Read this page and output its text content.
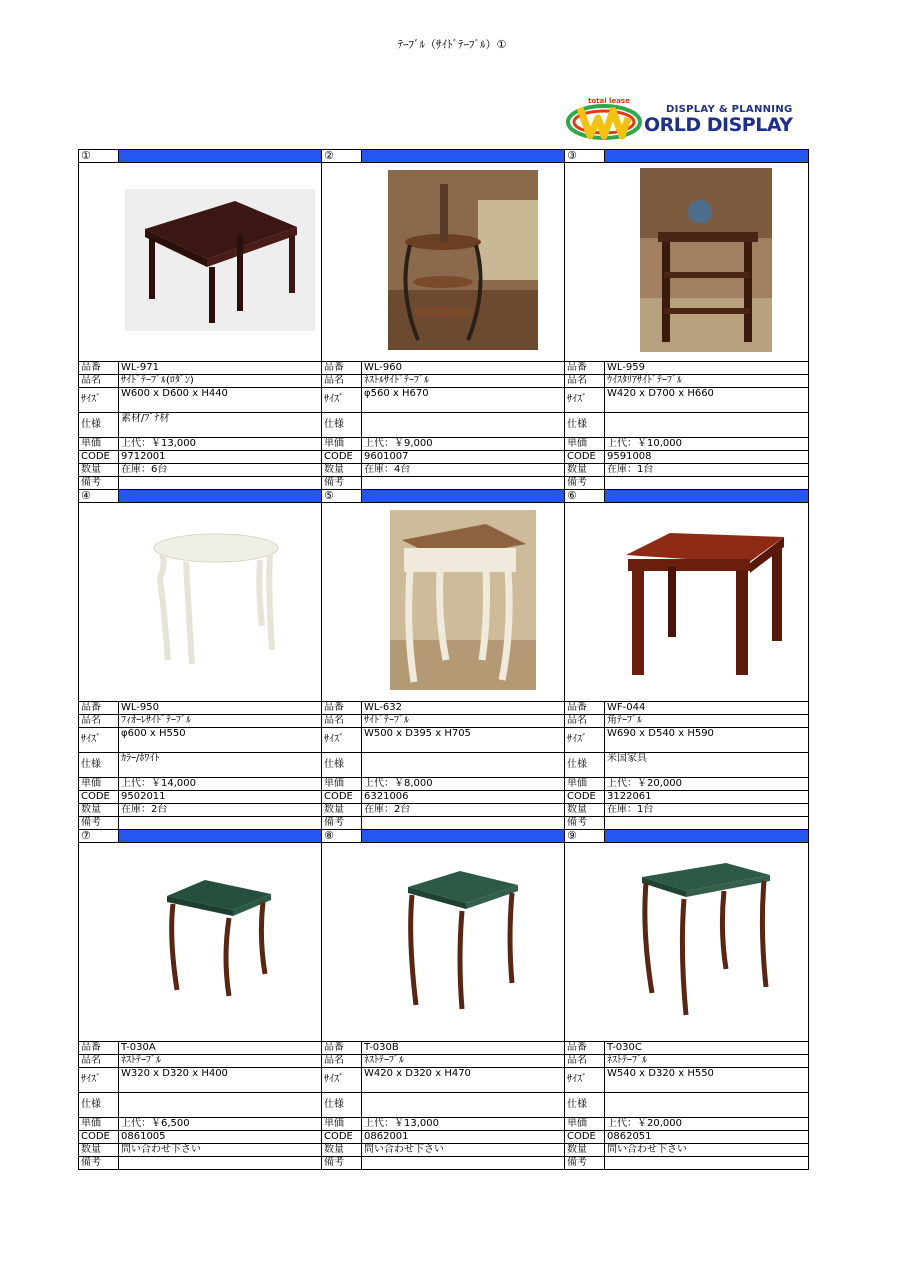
ﾃｰﾌﾞﾙ（ｻｲﾄﾞﾃｰﾌﾞﾙ）①
total lease
DISPLAY & PLANNING
ORLD DISPLAY
①		②		③	

品番	WL-971	品番	WL-960	品番	WL-959
品名	ｻｲﾄﾞﾃｰﾌﾞﾙ(ﾛﾀﾞﾝ)	品名	ﾈｽﾄﾙｻｲﾄﾞﾃｰﾌﾞﾙ	品名	ｳｲｽﾀﾘｱｻｲﾄﾞﾃｰﾌﾞﾙ
ｻｲｽﾞ	W600 x D600 x H440	ｻｲｽﾞ	φ560 x H670	ｻｲｽﾞ	W420 x D700 x H660
仕様	素材/ﾌﾞﾅ材	仕様		仕様	
単価	上代：￥13,000	単価	上代：￥9,000	単価	上代：￥10,000
CODE	9712001	CODE	9601007	CODE	9591008
数量	在庫：6台	数量	在庫：4台	数量	在庫：1台
備考		備考		備考	
④		⑤		⑥	

品番	WL-950	品番	WL-632	品番	WF-044
品名	ﾌｨｵｰﾚｻｲﾄﾞﾃｰﾌﾞﾙ	品名	ｻｲﾄﾞﾃｰﾌﾞﾙ	品名	角ﾃｰﾌﾞﾙ
ｻｲｽﾞ	φ600 x H550	ｻｲｽﾞ	W500 x D395 x H705	ｻｲｽﾞ	W690 x D540 x H590
仕様	ｶﾗｰ/ﾎﾜｲﾄ	仕様		仕様	米国家具
単価	上代：￥14,000	単価	上代：￥8,000	単価	上代：￥20,000
CODE	9502011	CODE	6321006	CODE	3122061
数量	在庫：2台	数量	在庫：2台	数量	在庫：1台
備考		備考		備考	
⑦		⑧		⑨	

品番	T-030A	品番	T-030B	品番	T-030C
品名	ﾈｽﾄﾃｰﾌﾞﾙ	品名	ﾈｽﾄﾃｰﾌﾞﾙ	品名	ﾈｽﾄﾃｰﾌﾞﾙ
ｻｲｽﾞ	W320 x D320 x H400	ｻｲｽﾞ	W420 x D320 x H470	ｻｲｽﾞ	W540 x D320 x H550
仕様		仕様		仕様	
単価	上代：￥6,500	単価	上代：￥13,000	単価	上代：￥20,000
CODE	0861005	CODE	0862001	CODE	0862051
数量	問い合わせ下さい	数量	問い合わせ下さい	数量	問い合わせ下さい
備考		備考		備考	
